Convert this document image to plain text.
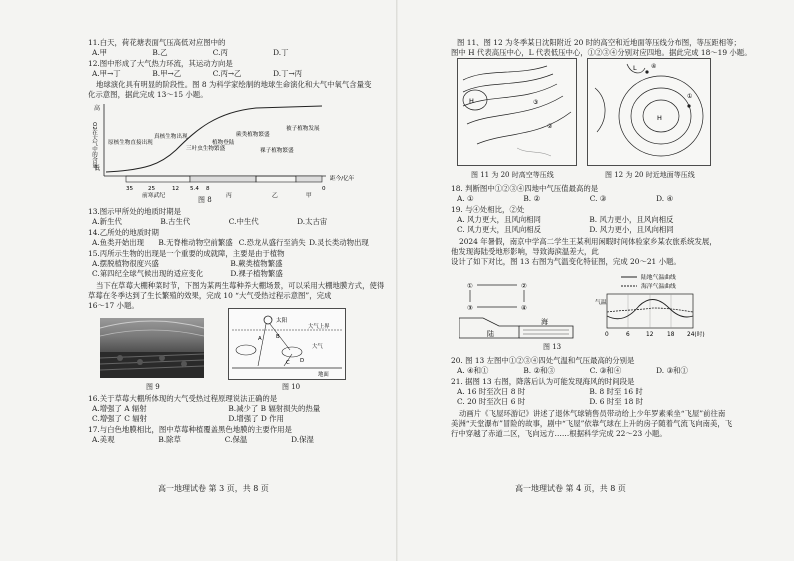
11.白天，荷花塘表面气压高低对应图中的
A.甲	B.乙	C.丙	D.丁
12.图中形成了大气热力环流，其运动方向是
A.甲→丁	B.甲→乙	C.丙→乙	D.丁→丙
地球演化具有明显的阶段性。图 8 为科学家绘制的地球生命演化和大气中氧气含量变
化示意图，据此完成 13～15 小题。
高
O2在大气中的含量
低
原核生物直接出现
真核生物出现
三叶虫生物繁盛
植物登陆
蕨类植物繁盛
裸子植物繁盛
被子植物发展
35	25	12 5.4 8	0
距今/亿年
前寒武纪	丙	乙	甲
图 8
13.图示甲所处的地质时期是
A.新生代	B.古生代	C.中生代	D.太古宙
14.乙所处的地质时期
A.鱼类开始出现 B.无脊椎动物空前繁盛 C.恐龙从盛行至消失 D.灵长类动物出现
15.丙所示生物的出现是一个重要的成就障，主要是由于植物
A.摆脱植物很度兴盛	B.蕨类植物繁盛
C.第四纪全球气候出现的适应变化	D.裸子植物繁盛
当下在草莓大棚种菜时节，下图为某两生莓种养大棚场景，可以采用大棚地膜方式，使得
草莓在冬季达到了生长繁殖的效果，完成 10 “大气受热过程示意图”，完成
16～17 小题。
图 9
太阳
大气上界
大气
地面
A	B
C D
图 10
16.关于草莓大棚所体现的大气受热过程原理说法正确的是
A.增强了 A 辐射	B.减少了 B 辐射损失的热量
C.增强了 C 辐射	D.增强了 D 作用
17.与白色地膜相比，图中草莓种植覆盖黑色地膜的主要作用是
A.美观	B.除草	C.保温	D.保湿
高一地理试卷 第 3 页，共 8 页
图 11、图 12 为冬季某日沈阳附近 20 时的高空和近地面等压线分布图，等压距相等；
图中 H 代表高压中心，L 代表低压中心，①②③④分别对应四地。据此完成 18～19 小题。
H	③
②
图 11 为 20 时高空等压线
④
①
H
L
图 12 为 20 时近地面等压线
18. 判断图中①②③④四地中气压值最高的是
A. ①	B. ②	C. ③	D. ④
19. 与④处相比，②处
A. 风力更大，且风向相同	B. 风力更小，且风向相反
C. 风力更大，且风向相反	D. 风力更小，且风向相同
2024 年暑假，南京中学高二学生王某利用闲暇时间体验家乡某农旅系统发展，
他发现海陆受地形影响，导致海滨温差大，此
设计了如下对比，图 13 右图为气温变化特征图，完成 20～21 小题。
①	②
③	④
陆
海
图 13
陆地气温曲线
海洋气温曲线
气温
0	6	12 18 24(时)
20. 图 13 左图中①②③④四处气温和气压最高的分别是
A. ④和①	B. ②和③	C. ③和④	D. ③和①
21. 据图 13 右图，降落后认为可能发现海风的时间段是
A. 16 时至次日 8 时	B. 8 时至 16 时
C. 20 时至次日 6 时	D. 6 时至 18 时
动画片《飞屋环游记》讲述了退休气球销售员带动给上少年罗素乘坐“飞屋”前往南
美洲“天堂瀑布”冒险的故事，剧中“飞屋”依靠气球在上升的房子随着气流飞向南美，飞
行中穿越了赤道二区，飞向远方……根据科学完成 22～23 小题。
高一地理试卷 第 4 页，共 8 页
